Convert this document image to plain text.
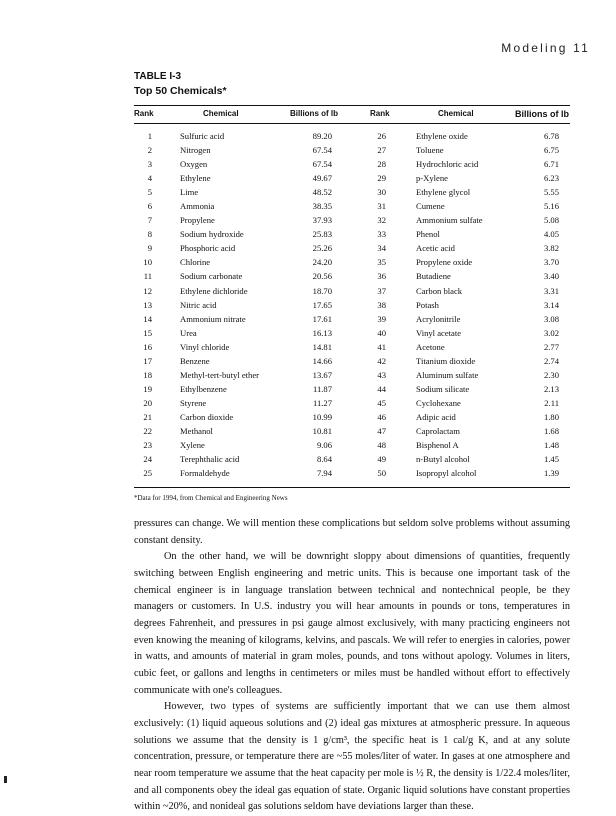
Modeling 11
TABLE I-3
Top 50 Chemicals*
Rank	Chemical	Billions of lb	Rank	Chemical	Billions of lb
1	Sulfuric acid	89.20	26	Ethylene oxide	6.78
2	Nitrogen	67.54	27	Toluene	6.75
3	Oxygen	67.54	28	Hydrochloric acid	6.71
4	Ethylene	49.67	29	p-Xylene	6.23
5	Lime	48.52	30	Ethylene glycol	5.55
6	Ammonia	38.35	31	Cumene	5.16
7	Propylene	37.93	32	Ammonium sulfate	5.08
8	Sodium hydroxide	25.83	33	Phenol	4.05
9	Phosphoric acid	25.26	34	Acetic acid	3.82
10	Chlorine	24.20	35	Propylene oxide	3.70
11	Sodium carbonate	20.56	36	Butadiene	3.40
12	Ethylene dichloride	18.70	37	Carbon black	3.31
13	Nitric acid	17.65	38	Potash	3.14
14	Ammonium nitrate	17.61	39	Acrylonitrile	3.08
15	Urea	16.13	40	Vinyl acetate	3.02
16	Vinyl chloride	14.81	41	Acetone	2.77
17	Benzene	14.66	42	Titanium dioxide	2.74
18	Methyl-tert-butyl ether	13.67	43	Aluminum sulfate	2.30
19	Ethylbenzene	11.87	44	Sodium silicate	2.13
20	Styrene	11.27	45	Cyclohexane	2.11
21	Carbon dioxide	10.99	46	Adipic acid	1.80
22	Methanol	10.81	47	Caprolactam	1.68
23	Xylene	9.06	48	Bisphenol A	1.48
24	Terephthalic acid	8.64	49	n-Butyl alcohol	1.45
25	Formaldehyde	7.94	50	Isopropyl alcohol	1.39
*Data for 1994, from Chemical and Engineering News

pressures can change. We will mention these complications but seldom solve problems without assuming constant density.

On the other hand, we will be downright sloppy about dimensions of quantities, frequently switching between English engineering and metric units. This is because one important task of the chemical engineer is in language translation between technical and nontechnical people, be they managers or customers. In U.S. industry you will hear amounts in pounds or tons, temperatures in degrees Fahrenheit, and pressures in psi gauge almost exclusively, with many practicing engineers not even knowing the meaning of kilograms, kelvins, and pascals. We will refer to energies in calories, power in watts, and amounts of material in gram moles, pounds, and tons without apology. Volumes in liters, cubic feet, or gallons and lengths in centimeters or miles must be handled without effort to effectively communicate with one's colleagues.

However, two types of systems are sufficiently important that we can use them almost exclusively: (1) liquid aqueous solutions and (2) ideal gas mixtures at atmospheric pressure. In aqueous solutions we assume that the density is 1 g/cm³, the specific heat is 1 cal/g K, and at any solute concentration, pressure, or temperature there are ~55 moles/liter of water. In gases at one atmosphere and near room temperature we assume that the heat capacity per mole is ½ R, the density is 1/22.4 moles/liter, and all components obey the ideal gas equation of state. Organic liquid solutions have constant properties within ~20%, and nonideal gas solutions seldom have deviations larger than these.
